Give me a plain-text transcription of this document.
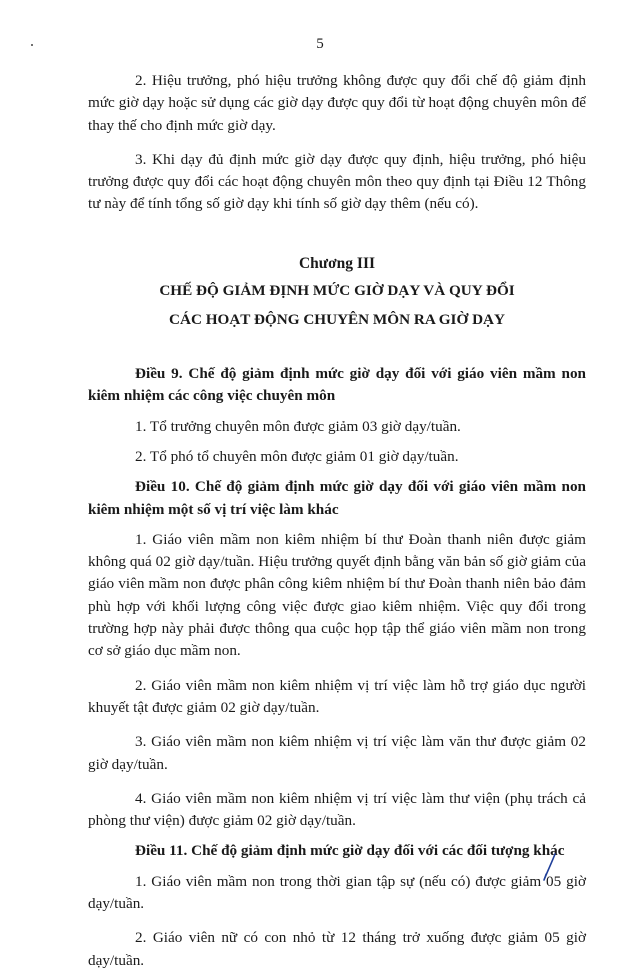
5

2. Hiệu trưởng, phó hiệu trưởng không được quy đổi chế độ giảm định mức giờ dạy hoặc sử dụng các giờ dạy được quy đổi từ hoạt động chuyên môn để thay thế cho định mức giờ dạy.

3. Khi dạy đủ định mức giờ dạy được quy định, hiệu trưởng, phó hiệu trưởng được quy đổi các hoạt động chuyên môn theo quy định tại Điều 12 Thông tư này để tính tổng số giờ dạy khi tính số giờ dạy thêm (nếu có).

Chương III
CHẾ ĐỘ GIẢM ĐỊNH MỨC GIỜ DẠY VÀ QUY ĐỔI
CÁC HOẠT ĐỘNG CHUYÊN MÔN RA GIỜ DẠY

Điều 9. Chế độ giảm định mức giờ dạy đối với giáo viên mầm non kiêm nhiệm các công việc chuyên môn

1. Tổ trưởng chuyên môn được giảm 03 giờ dạy/tuần.

2. Tổ phó tổ chuyên môn được giảm 01 giờ dạy/tuần.

Điều 10. Chế độ giảm định mức giờ dạy đối với giáo viên mầm non kiêm nhiệm một số vị trí việc làm khác

1. Giáo viên mầm non kiêm nhiệm bí thư Đoàn thanh niên được giảm không quá 02 giờ dạy/tuần. Hiệu trưởng quyết định bằng văn bản số giờ giảm của giáo viên mầm non được phân công kiêm nhiệm bí thư Đoàn thanh niên bảo đảm phù hợp với khối lượng công việc được giao kiêm nhiệm. Việc quy đổi trong trường hợp này phải được thông qua cuộc họp tập thể giáo viên mầm non trong cơ sở giáo dục mầm non.

2. Giáo viên mầm non kiêm nhiệm vị trí việc làm hỗ trợ giáo dục người khuyết tật được giảm 02 giờ dạy/tuần.

3. Giáo viên mầm non kiêm nhiệm vị trí việc làm văn thư được giảm 02 giờ dạy/tuần.

4. Giáo viên mầm non kiêm nhiệm vị trí việc làm thư viện (phụ trách cả phòng thư viện) được giảm 02 giờ dạy/tuần.

Điều 11. Chế độ giảm định mức giờ dạy đối với các đối tượng khác

1. Giáo viên mầm non trong thời gian tập sự (nếu có) được giảm 05 giờ dạy/tuần.

2. Giáo viên nữ có con nhỏ từ 12 tháng trở xuống được giảm 05 giờ dạy/tuần.
